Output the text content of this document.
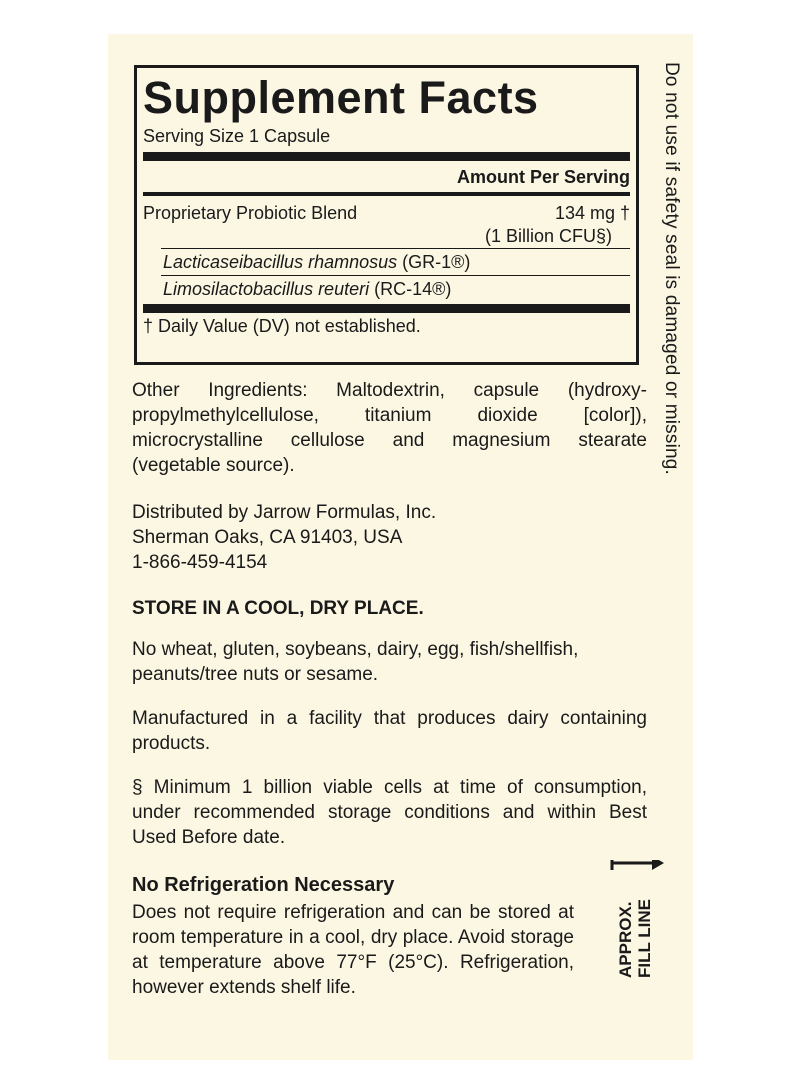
Supplement Facts
Serving Size 1 Capsule
Amount Per Serving
Proprietary Probiotic Blend	134 mg †
(1 Billion CFU§)
Lacticaseibacillus rhamnosus (GR-1®)
Limosilactobacillus reuteri (RC-14®)
† Daily Value (DV) not established.
Other Ingredients: Maltodextrin, capsule (hydroxy-propylmethylcellulose, titanium dioxide [color]), microcrystalline cellulose and magnesium stearate (vegetable source).
Distributed by Jarrow Formulas, Inc.
Sherman Oaks, CA 91403, USA
1-866-459-4154
STORE IN A COOL, DRY PLACE.
No wheat, gluten, soybeans, dairy, egg, fish/shellfish, peanuts/tree nuts or sesame.
Manufactured in a facility that produces dairy containing products.
§ Minimum 1 billion viable cells at time of consumption, under recommended storage conditions and within Best Used Before date.
No Refrigeration Necessary
Does not require refrigeration and can be stored at room temperature in a cool, dry place. Avoid storage at temperature above 77°F (25°C). Refrigeration, however extends shelf life.
Do not use if safety seal is damaged or missing.
APPROX. FILL LINE
